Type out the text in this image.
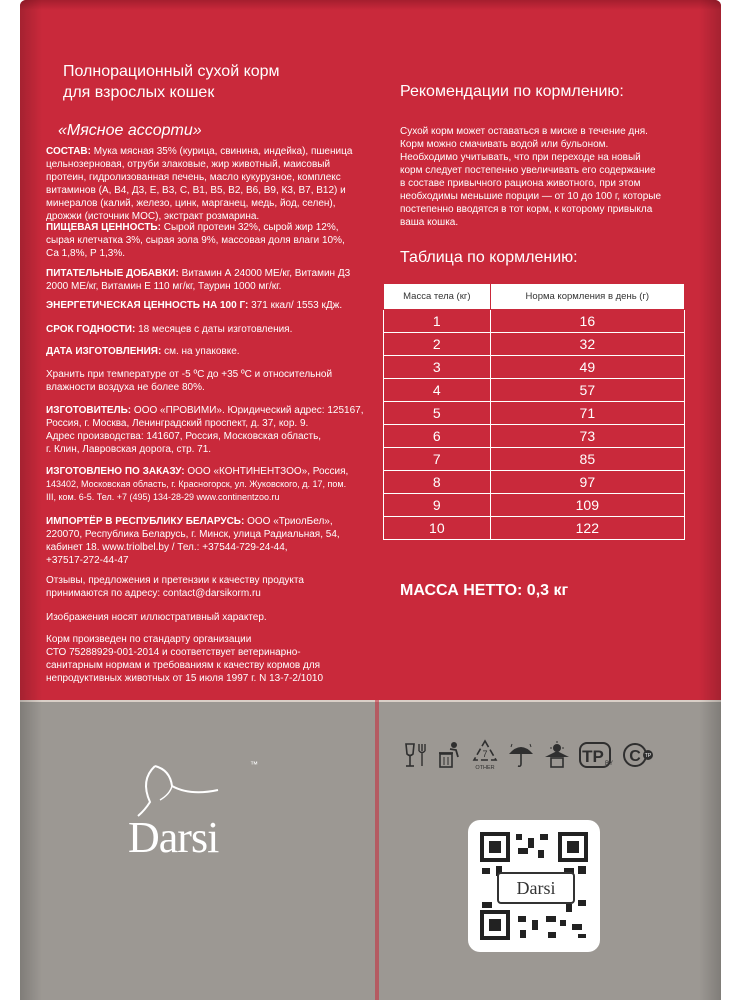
Полнорационный сухой корм
для взрослых кошек
«Мясное ассорти»
СОСТАВ: Мука мясная 35% (курица, свинина, индейка), пшеница
цельнозерновая, отруби злаковые, жир животный, маисовый
протеин, гидролизованная печень, масло кукурузное, комплекс
витаминов (А, В4, Д3, Е, В3, С, В1, В5, В2, В6, В9, К3, В7, В12) и
минералов (калий, железо, цинк, марганец, медь, йод, селен),
дрожжи (источник МОС), экстракт розмарина.
ПИЩЕВАЯ ЦЕННОСТЬ: Сырой протеин 32%, сырой жир 12%,
сырая клетчатка 3%, сырая зола 9%, массовая доля влаги 10%,
Са 1,8%, Р 1,3%.
ПИТАТЕЛЬНЫЕ ДОБАВКИ: Витамин А 24000 МЕ/кг, Витамин Д3
2000 МЕ/кг, Витамин Е 110 мг/кг, Таурин 1000 мг/кг.
ЭНЕРГЕТИЧЕСКАЯ ЦЕННОСТЬ НА 100 Г: 371 ккал/ 1553 кДж.
СРОК ГОДНОСТИ: 18 месяцев с даты изготовления.
ДАТА ИЗГОТОВЛЕНИЯ: см. на упаковке.
Хранить при температуре от -5 ºС до +35 ºС и относительной
влажности воздуха не более 80%.
ИЗГОТОВИТЕЛЬ: ООО «ПРОВИМИ». Юридический адрес: 125167,
Россия, г. Москва, Ленинградский проспект, д. 37, кор. 9.
Адрес производства: 141607, Россия, Московская область,
г. Клин, Лавровская дорога, стр. 71.
ИЗГОТОВЛЕНО ПО ЗАКАЗУ: ООО «КОНТИНЕНТЗОО», Россия,
143402, Московская область, г. Красногорск, ул. Жуковского, д. 17, пом.
III, ком. 6-5. Тел. +7 (495) 134-28-29 www.continentzoo.ru
ИМПОРТЁР В РЕСПУБЛИКУ БЕЛАРУСЬ: ООО «ТриолБел»,
220070, Республика Беларусь, г. Минск, улица Радиальная, 54,
кабинет 18. www.triolbel.by / Тел.: +37544-729-24-44,
+37517-272-44-47
Отзывы, предложения и претензии к качеству продукта
принимаются по адресу: contact@darsikorm.ru
Изображения носят иллюстративный характер.
Корм произведен по стандарту организации
СТО 75288929-001-2014 и соответствует ветеринарно-
санитарным нормам и требованиям к качеству кормов для
непродуктивных животных от 15 июля 1997 г. N 13-7-2/1010
Рекомендации по кормлению:
Сухой корм может оставаться в миске в течение дня.
Корм можно смачивать водой или бульоном.
Необходимо учитывать, что при переходе на новый
корм следует постепенно увеличивать его содержание
в составе привычного рациона животного, при этом
необходимы меньшие порции — от 10 до 100 г, которые
постепенно вводятся в тот корм, к которому привыкла
ваша кошка.
Таблица по кормлению:
Масса тела (кг)	Норма кормления в день (г)
1	16
2	32
3	49
4	57
5	71
6	73
7	85
8	97
9	109
10	122
МАССА НЕТТО: 0,3 кг
7
OTHER
TP BY C TP
™
Darsi
Darsi
